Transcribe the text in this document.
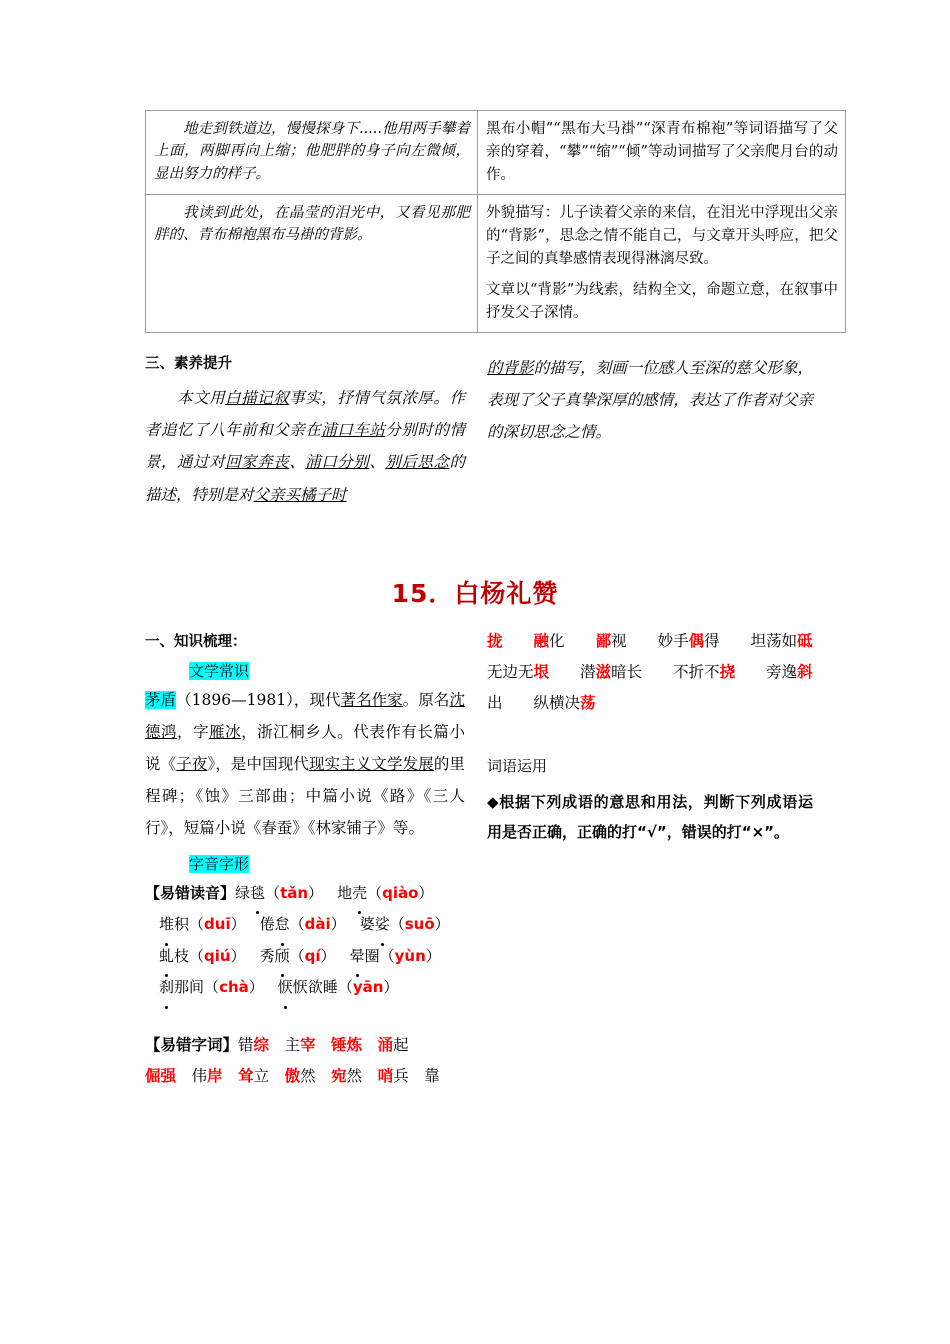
地走到铁道边，慢慢探身下.....他用两手攀着上面，两脚再向上缩；他肥胖的身子向左微倾，显出努力的样子。	黑布小帽”“黑布大马褂”“深青布棉袍”等词语描写了父亲的穿着，“攀”“缩”“倾”等动词描写了父亲爬月台的动作。

我读到此处，在晶莹的泪光中，又看见那肥胖的、青布棉袍黑布马褂的背影。	外貌描写：儿子读着父亲的来信，在泪光中浮现出父亲的“背影”，思念之情不能自己，与文章开头呼应，把父子之间的真挚感情表现得淋漓尽致。

文章以“背影”为线索，结构全文，命题立意，在叙事中抒发父子深情。

三、素养提升

　　本文用白描记叙事实，抒情气氛浓厚。作者追忆了八年前和父亲在浦口车站分别时的情景，通过对回家奔丧、浦口分别、别后思念的描述，特别是对父亲买橘子时

的背影的描写，刻画一位感人至深的慈父形象，表现了父子真挚深厚的感情，表达了作者对父亲的深切思念之情。

15．白杨礼赞
一、知识梳理：

文学常识

茅盾（1896—1981），现代著名作家。原名沈德鸿，字雁冰，浙江桐乡人。代表作有长篇小说《子夜》，是中国现代现实主义文学发展的里程碑；《蚀》三部曲；中篇小说《路》《三人行》，短篇小说《春蚕》《林家铺子》等。

字音字形

【易错读音】绿毯（tǎn） 地壳（qiào）

堆积（duī） 倦怠（dài） 婆娑（suō）

虬枝（qiú） 秀颀（qí） 晕圈（yùn）

刹那间（chà） 恹恹欲睡（yān）

【易错字词】错综　主宰　 锤炼　 涌起

倔强　伟岸　 耸立　 傲然　 宛然　 哨兵　靠

拢　　 融化　　 鄙视　　妙手偶得　　坦荡如砥

无边无垠　　潜滋暗长　　不折不挠　　旁逸斜

出　　纵横决荡

词语运用

◆根据下列成语的意思和用法，判断下列成语运用是否正确，正确的打“√”，错误的打“×”。
